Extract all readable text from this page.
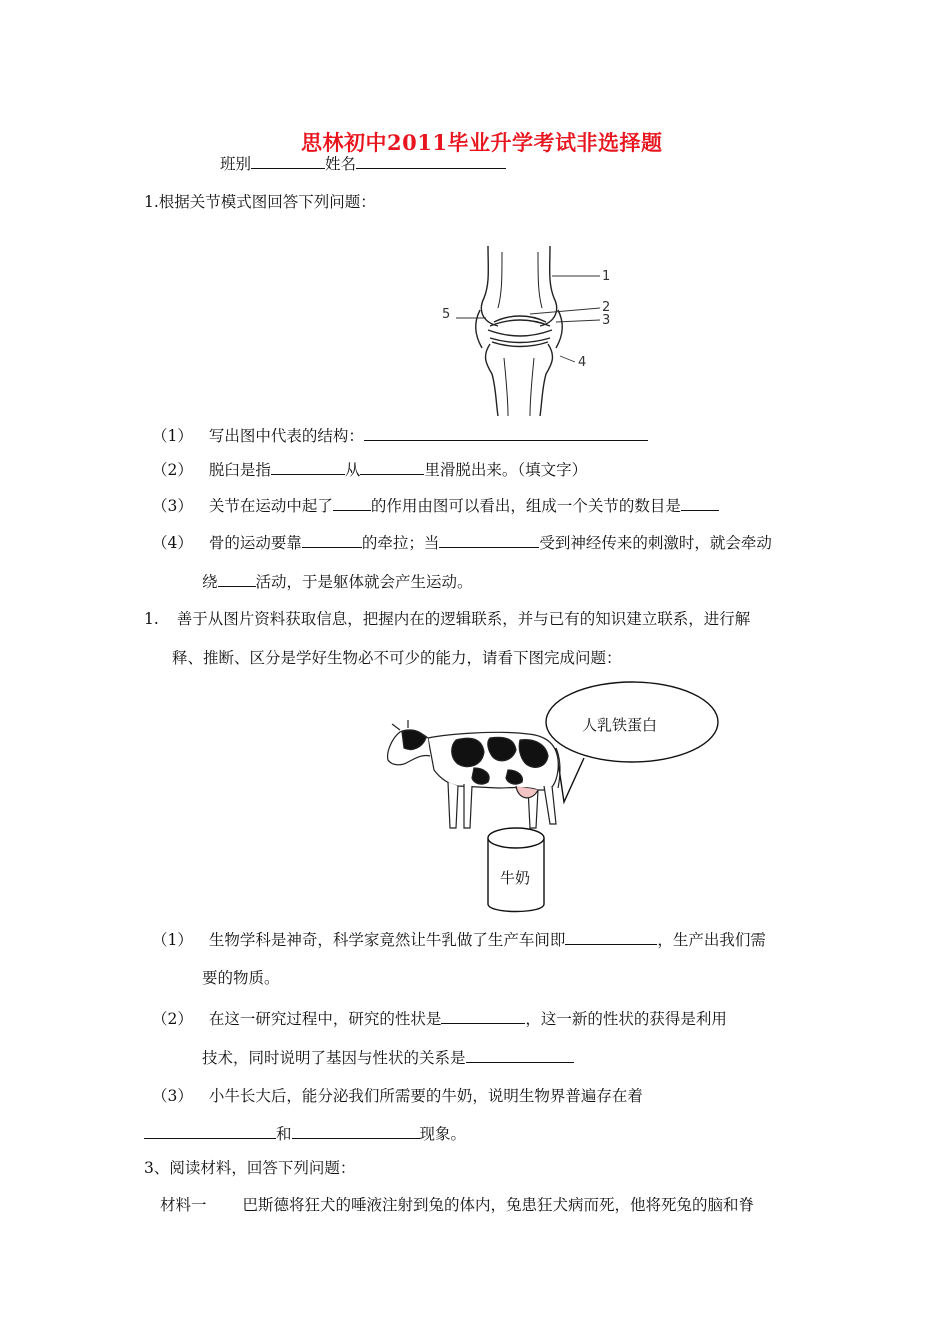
思林初中2011毕业升学考试非选择题
班别	姓名
1.根据关节模式图回答下列问题：
1
2
3
4
5
（1） 写出图中代表的结构：
（2） 脱臼是指	从	里滑脱出来。（填文字）
（3） 关节在运动中起了 的作用由图可以看出，组成一个关节的数目是
（4） 骨的运动要靠	的牵拉；当	受到神经传来的刺激时，就会牵动
绕 活动，于是躯体就会产生运动。
1. 善于从图片资料获取信息，把握内在的逻辑联系，并与已有的知识建立联系，进行解
释、推断、区分是学好生物必不可少的能力，请看下图完成问题：
人乳铁蛋白
牛奶
（1） 生物学科是神奇，科学家竟然让牛乳做了生产车间即	，生产出我们需
要的物质。
（2） 在这一研究过程中，研究的性状是	，这一新的性状的获得是利用
技术，同时说明了基因与性状的关系是
（3） 小牛长大后，能分泌我们所需要的牛奶，说明生物界普遍存在着
和	现象。
3、阅读材料，回答下列问题：
材料一 巴斯德将狂犬的唾液注射到兔的体内，兔患狂犬病而死，他将死兔的脑和脊
